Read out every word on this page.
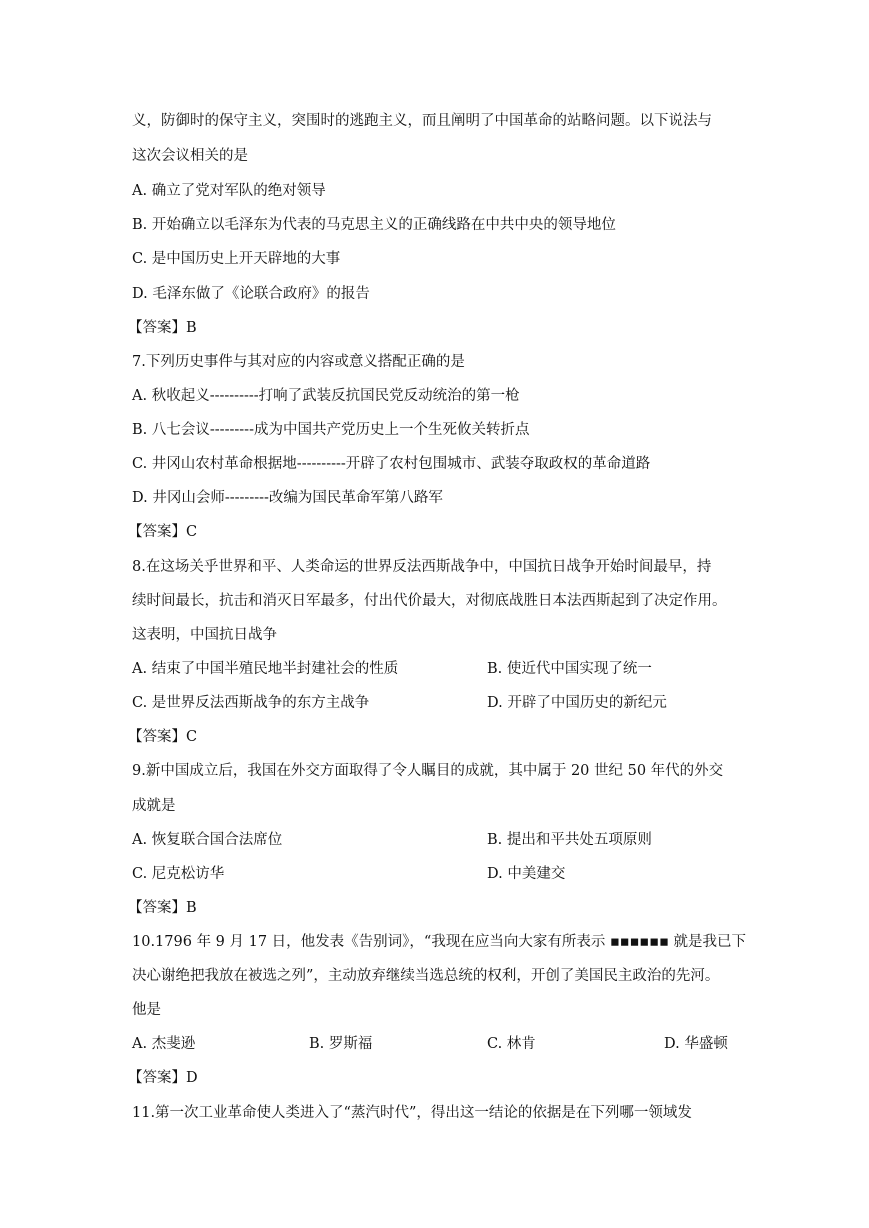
义，防御时的保守主义，突围时的逃跑主义，而且阐明了中国革命的站略问题。以下说法与
这次会议相关的是
A. 确立了党对军队的绝对领导
B. 开始确立以毛泽东为代表的马克思主义的正确线路在中共中央的领导地位
C. 是中国历史上开天辟地的大事
D. 毛泽东做了《论联合政府》的报告
【答案】B
7.下列历史事件与其对应的内容或意义搭配正确的是
A. 秋收起义----------打响了武装反抗国民党反动统治的第一枪
B. 八七会议---------成为中国共产党历史上一个生死攸关转折点
C. 井冈山农村革命根据地----------开辟了农村包围城市、武装夺取政权的革命道路
D. 井冈山会师---------改编为国民革命军第八路军
【答案】C
8.在这场关乎世界和平、人类命运的世界反法西斯战争中，中国抗日战争开始时间最早，持
续时间最长，抗击和消灭日军最多，付出代价最大，对彻底战胜日本法西斯起到了决定作用。
这表明，中国抗日战争
A. 结束了中国半殖民地半封建社会的性质	B. 使近代中国实现了统一
C. 是世界反法西斯战争的东方主战争	D. 开辟了中国历史的新纪元
【答案】C
9.新中国成立后，我国在外交方面取得了令人瞩目的成就，其中属于 20 世纪 50 年代的外交
成就是
A. 恢复联合国合法席位	B. 提出和平共处五项原则
C. 尼克松访华	D. 中美建交
【答案】B
10.1796 年 9 月 17 日，他发表《告别词》，“我现在应当向大家有所表示 ▪▪▪▪▪▪ 就是我已下
决心谢绝把我放在被选之列”，主动放弃继续当选总统的权利，开创了美国民主政治的先河。
他是
A. 杰斐逊	B. 罗斯福	C. 林肯	D. 华盛顿
【答案】D
11.第一次工业革命使人类进入了“蒸汽时代”，得出这一结论的依据是在下列哪一领域发
